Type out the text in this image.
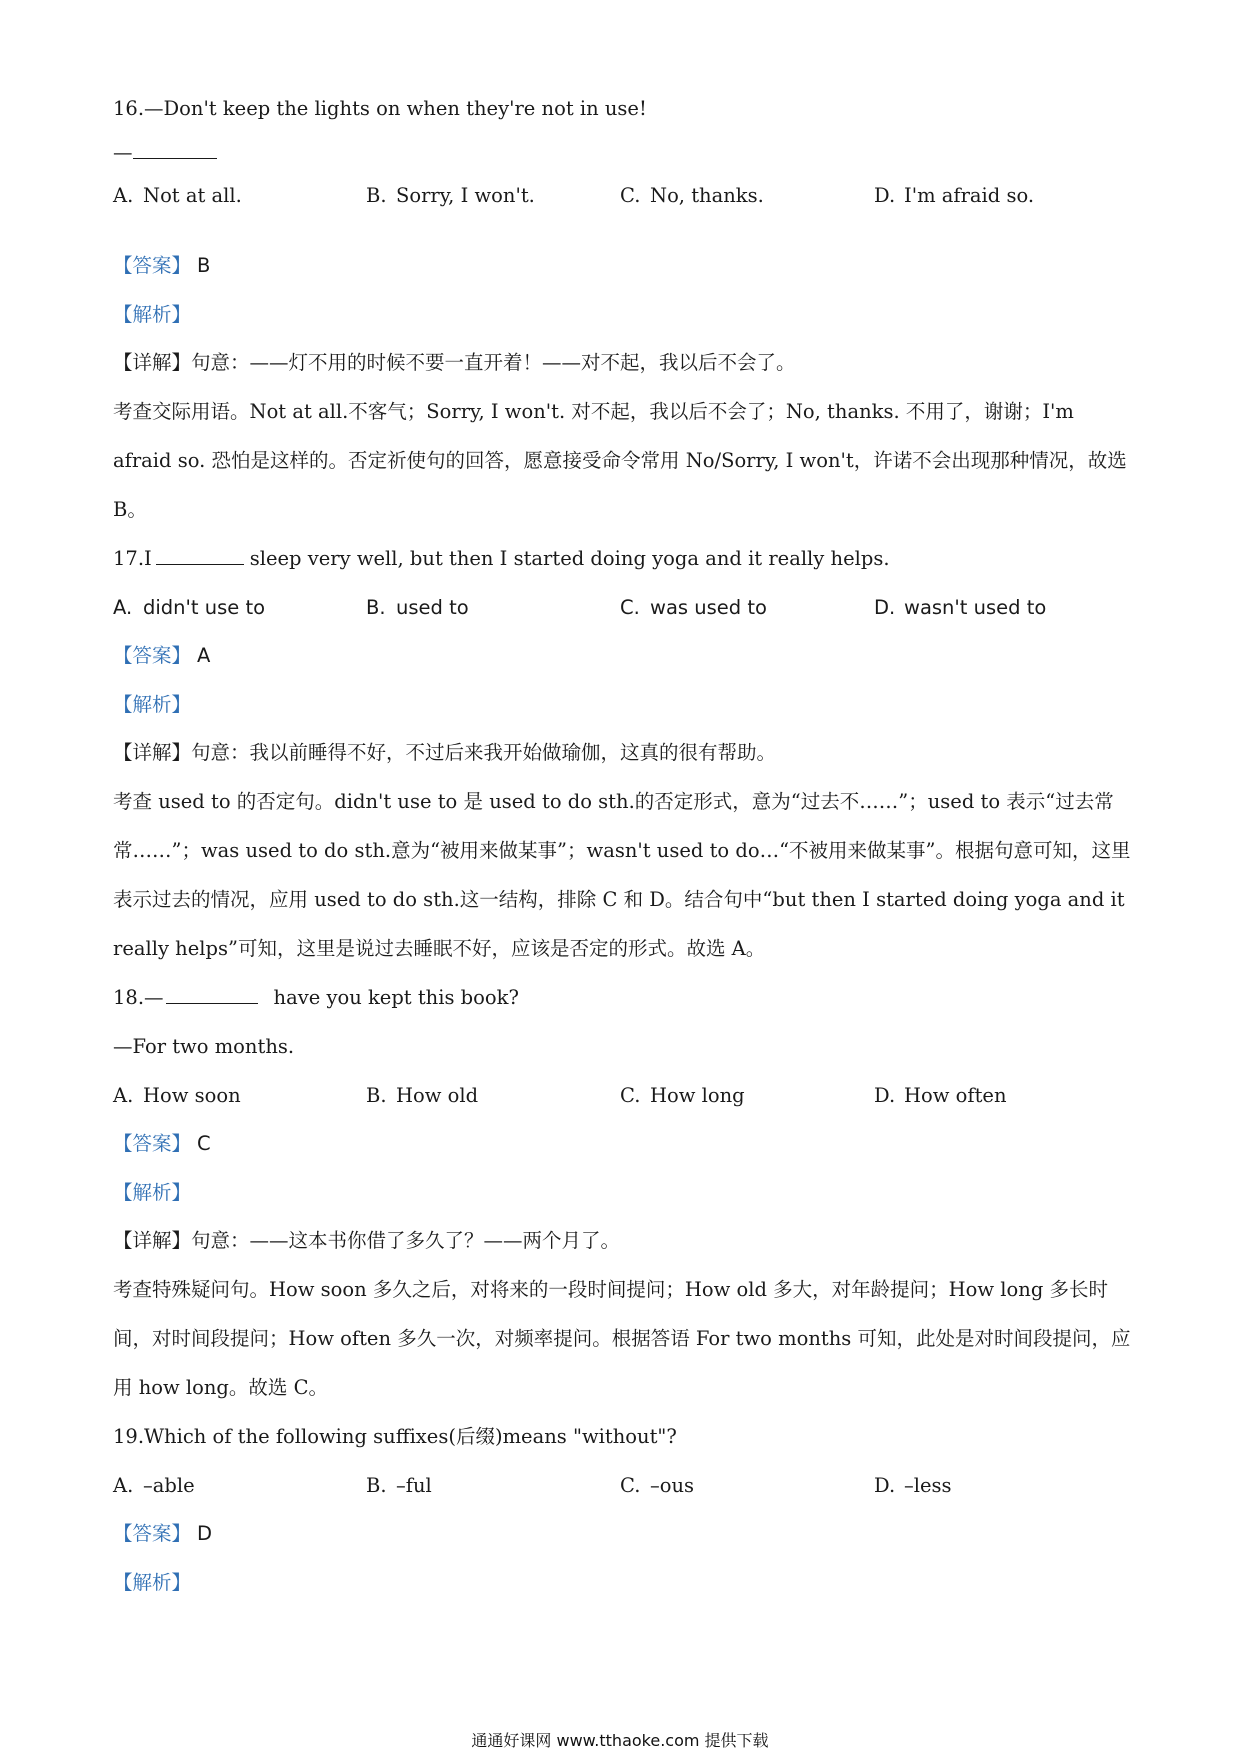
16.—Don't keep the lights on when they're not in use!
—
A. Not at all.	B. Sorry, I won't.	C. No, thanks.	D. I'm afraid so.
【答案】 B
【解析】
【详解】句意：——灯不用的时候不要一直开着！——对不起，我以后不会了。
考查交际用语。Not at all.不客气；Sorry, I won't. 对不起，我以后不会了；No, thanks. 不用了，谢谢；I'm afraid so. 恐怕是这样的。否定祈使句的回答，愿意接受命令常用 No/Sorry, I won't，许诺不会出现那种情况，故选B。
17.I	sleep very well, but then I started doing yoga and it really helps.
A. didn't use to	B. used to	C. was used to	D. wasn't used to
【答案】 A
【解析】
【详解】句意：我以前睡得不好，不过后来我开始做瑜伽，这真的很有帮助。
考查 used to 的否定句。didn't use to 是 used to do sth.的否定形式，意为“过去不……”；used to 表示“过去常常……”；was used to do sth.意为“被用来做某事”；wasn't used to do…“不被用来做某事”。根据句意可知，这里表示过去的情况，应用 used to do sth.这一结构，排除 C 和 D。结合句中“but then I started doing yoga and it really helps”可知，这里是说过去睡眠不好，应该是否定的形式。故选 A。
18.—	have you kept this book?
—For two months.
A. How soon	B. How old	C. How long	D. How often
【答案】 C
【解析】
【详解】句意：——这本书你借了多久了？——两个月了。
考查特殊疑问句。How soon 多久之后，对将来的一段时间提问；How old 多大，对年龄提问；How long 多长时间，对时间段提问；How often 多久一次，对频率提问。根据答语 For two months 可知，此处是对时间段提问，应用 how long。故选 C。
19.Which of the following suffixes(后缀)means "without"?
A. –able	B. –ful	C. –ous	D. –less
【答案】 D
【解析】
通通好课网 www.tthaoke.com 提供下载
